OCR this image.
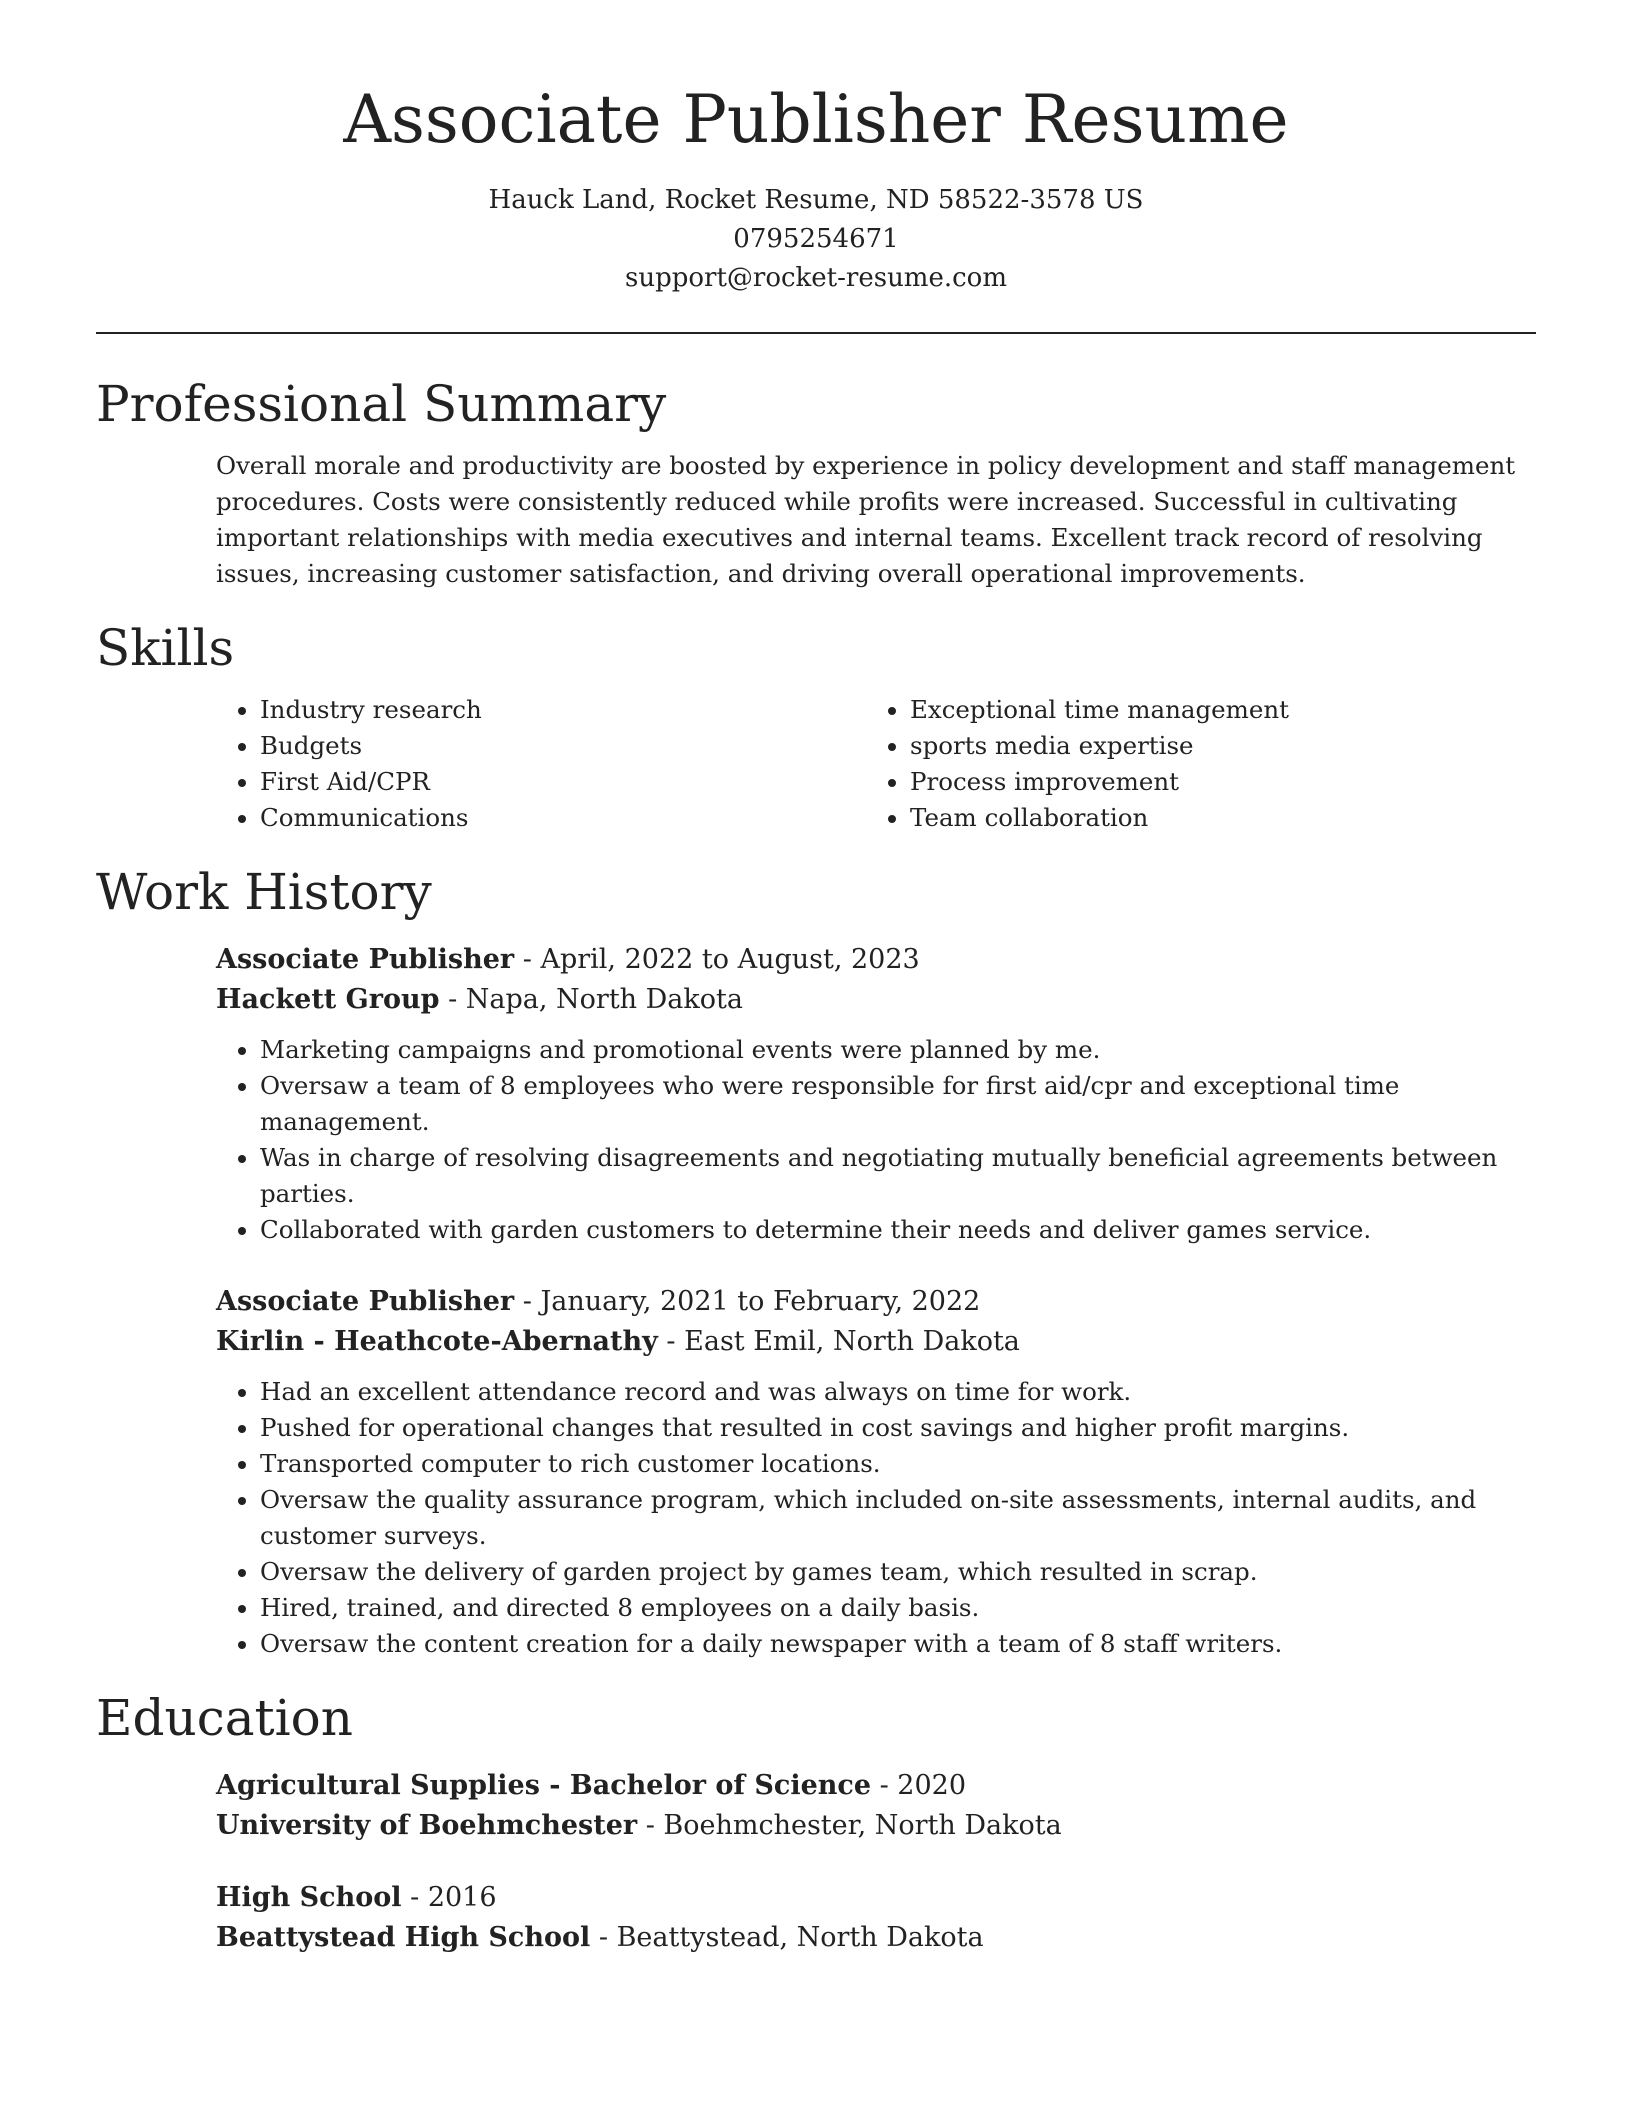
Associate Publisher Resume
Hauck Land, Rocket Resume, ND 58522-3578 US
0795254671
support@rocket-resume.com
Professional Summary
Overall morale and productivity are boosted by experience in policy development and staff management procedures. Costs were consistently reduced while profits were increased. Successful in cultivating important relationships with media executives and internal teams. Excellent track record of resolving issues, increasing customer satisfaction, and driving overall operational improvements.
Skills
• Industry research
• Budgets
• First Aid/CPR
• Communications
• Exceptional time management
• sports media expertise
• Process improvement
• Team collaboration
Work History
Associate Publisher - April, 2022 to August, 2023
Hackett Group - Napa, North Dakota
• Marketing campaigns and promotional events were planned by me.
• Oversaw a team of 8 employees who were responsible for first aid/cpr and exceptional time management.
• Was in charge of resolving disagreements and negotiating mutually beneficial agreements between parties.
• Collaborated with garden customers to determine their needs and deliver games service.
Associate Publisher - January, 2021 to February, 2022
Kirlin - Heathcote-Abernathy - East Emil, North Dakota
• Had an excellent attendance record and was always on time for work.
• Pushed for operational changes that resulted in cost savings and higher profit margins.
• Transported computer to rich customer locations.
• Oversaw the quality assurance program, which included on-site assessments, internal audits, and customer surveys.
• Oversaw the delivery of garden project by games team, which resulted in scrap.
• Hired, trained, and directed 8 employees on a daily basis.
• Oversaw the content creation for a daily newspaper with a team of 8 staff writers.
Education
Agricultural Supplies - Bachelor of Science - 2020
University of Boehmchester - Boehmchester, North Dakota
High School - 2016
Beattystead High School - Beattystead, North Dakota
